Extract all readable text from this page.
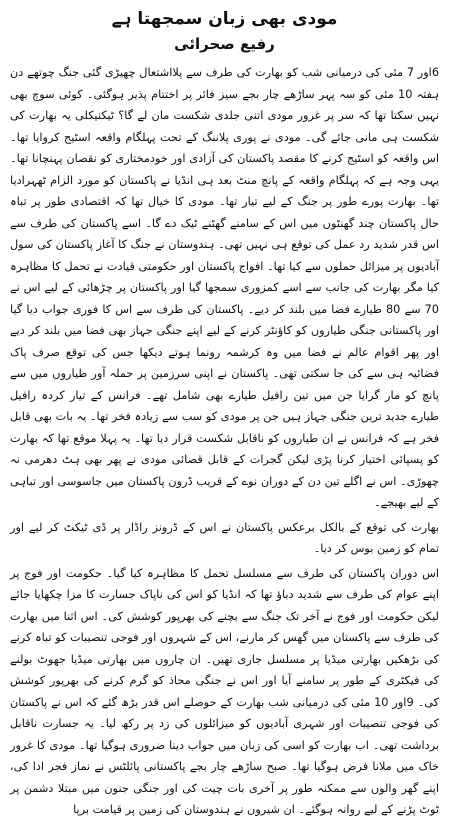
مودی بھی زبان سمجھتا ہے
رفیع صحرائی

6اور 7 مئی کی درمیانی شب کو بھارت کی طرف سے پلااشتعال چھیڑی گئی جنگ چوتھے دن ہفتہ 10 مئی کو سہ پہر ساڑھے چار بجے سیز فائر پر اختتام پذیر ہوگئی۔ کوئی سوچ بھی نہیں سکتا تھا کہ سر پر غرور مودی اتنی جلدی شکست مان لے گا؟ ٹیکنیکلی یہ بھارت کی شکست ہی مانی جائے گی۔ مودی نے پوری پلاننگ کے تحت پہلگام واقعہ اسٹیج کروایا تھا۔ اس واقعہ کو اسٹیج کرنے کا مقصد پاکستان کی آزادی اور خودمختاری کو نقصان پہنچانا تھا۔ یہی وجہ ہے کہ پہلگام واقعہ کے پانچ منٹ بعد ہی انڈیا نے پاکستان کو مورد الزام ٹھہرادیا تھا۔ بھارت پورے طور پر جنگ کے لیے تیار تھا۔ مودی کا خیال تھا کہ اقتصادی طور پر تباہ حال پاکستان چند گھنٹوں میں اس کے سامنے گھٹنے ٹیک دے گا۔ اسے پاکستان کی طرف سے اس قدر شدید رد عمل کی توقع ہی نہیں تھی۔ ہندوستان نے جنگ کا آغاز پاکستان کی سول آبادیوں پر میزائل حملوں سے کیا تھا۔ افواج پاکستان اور حکومتی قیادت نے تحمل کا مظاہرہ کیا مگر بھارت کی جانب سے اسے کمزوری سمجھا گیا اور پاکستان پر چڑھائی کے لیے اس نے 70 سے 80 طیارے فضا میں بلند کر دیے۔ پاکستان کی طرف سے اس کا فوری جواب دیا گیا اور پاکستانی جنگی طیاروں کو کاؤنٹر کرنے کے لیے اپنے جنگی جہاز بھی فضا میں بلند کر دیے اور پھر اقوام عالم نے فضا میں وہ کرشمہ رونما ہوتے دیکھا جس کی توقع صرف پاک فضائیہ ہی سے کی جا سکتی تھی۔ پاکستان نے اپنی سرزمین پر حملہ آور طیاروں میں سے پانچ کو مار گرایا جن میں تین رافیل طیارے بھی شامل تھے۔ فرانس کے تیار کردہ رافیل طیارے جدید ترین جنگی جہاز ہیں جن پر مودی کو سب سے زیادہ فخر تھا۔ یہ بات بھی قابل فخر ہے کہ فرانس نے ان طیاروں کو ناقابل شکست قرار دیا تھا۔ یہ پہلا موقع تھا کہ بھارت کو پسپائی اختیار کرنا پڑی لیکن گجرات کے قابل قصائی مودی نے پھر بھی ہٹ دھرمی نہ چھوڑی۔ اس نے اگلے تین دن کے دوران نوے کے قریب ڈرون پاکستان میں جاسوسی اور تباہی کے لیے بھیجے۔

بھارت کی توقع کے بالکل برعکس پاکستان نے اس کے ڈرونز راڈار پر ڈی ٹیکٹ کر لیے اور تمام کو زمین بوس کر دیا۔

اس دوران پاکستان کی طرف سے مسلسل تحمل کا مظاہرہ کیا گیا۔ حکومت اور فوج پر اپنے عوام کی طرف سے شدید دباؤ تھا کہ انڈیا کو اس کی ناپاک جسارت کا مزا چکھایا جائے لیکن حکومت اور فوج نے آخر تک جنگ سے بچنے کی بھرپور کوشش کی۔ اس اثنا میں بھارت کی طرف سے پاکستان میں گھس کر مارنے، اس کے شہروں اور فوجی تنصیبات کو تباہ کرنے کی بڑھکیں بھارتی میڈیا پر مسلسل جاری تھیں۔ ان چاروں میں بھارتی میڈیا جھوٹ بولنے کی فیکٹری کے طور پر سامنے آیا اور اس نے جنگی محاذ کو گرم کرنے کی بھرپور کوشش کی۔ 9اور 10 مئی کی درمیانی شب بھارت کے حوصلے اس قدر بڑھ گئے کہ اس نے پاکستان کی فوجی تنصیبات اور شہری آبادیوں کو میزائلوں کی زد پر رکھ لیا۔ یہ جسارت ناقابل برداشت تھی۔ اب بھارت کو اسی کی زبان میں جواب دینا ضروری ہوگیا تھا۔ مودی کا غرور خاک میں ملانا فرض ہوگیا تھا۔ صبح ساڑھے چار بجے پاکستانی پائلٹس نے نماز فجر ادا کی، اپنے گھر والوں سے ممکنہ طور پر آخری بات چیت کی اور جنگی جنون میں مبتلا دشمن پر ٹوٹ پڑنے کے لیے روانہ ہوگئے۔ ان شیروں نے ہندوستان کی زمین پر قیامت برپا
